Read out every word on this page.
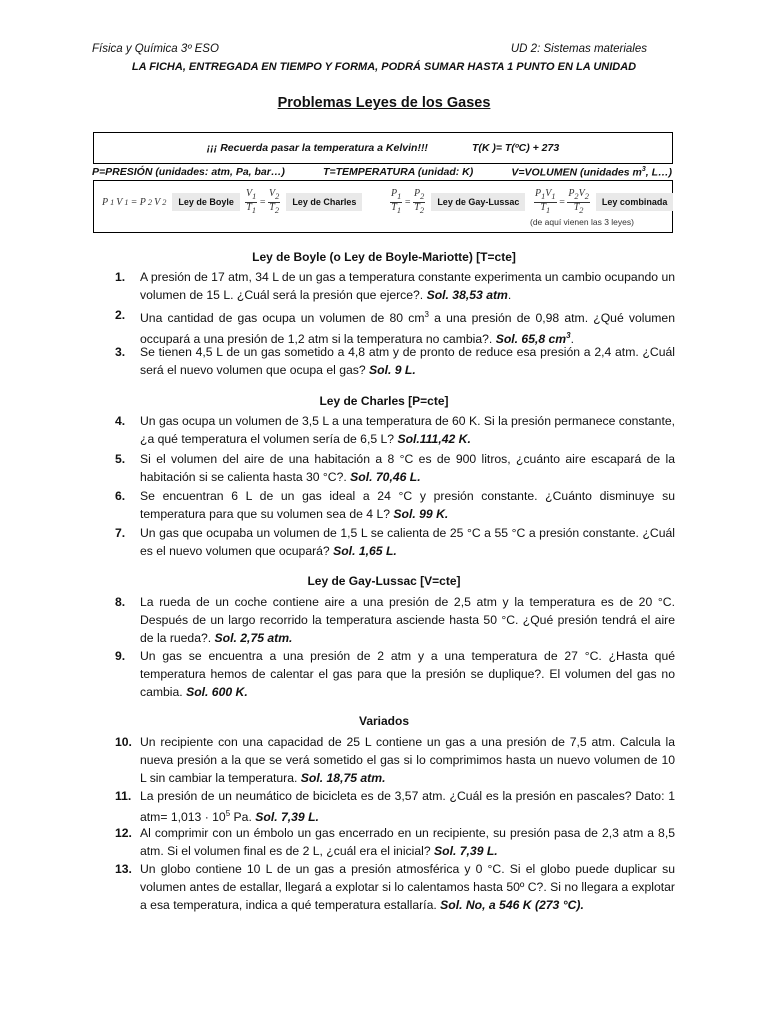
Física y Química 3º ESO	UD 2: Sistemas materiales
LA FICHA, ENTREGADA EN TIEMPO Y FORMA, PODRÁ SUMAR HASTA 1 PUNTO EN LA UNIDAD
Problemas Leyes de los Gases
¡¡¡ Recuerda pasar la temperatura a Kelvin!!!	T(K )= T(ºC) + 273
P=PRESIÓN (unidades: atm, Pa, bar…)	T=TEMPERATURA (unidad: K)	V=VOLUMEN (unidades $m^3$, L…)
P 1 V 1 = P 2 V 2	Ley de Boyle	$\frac{V_1}{T_1} = \frac{V_2}{T_2}$	Ley de Charles	$\frac{P_1}{T_1} = \frac{P_2}{T_2}$	Ley de Gay-Lussac	$\frac{P_1V_1}{T_1} = \frac{P_2V_2}{T_2}$	Ley combinada
(de aquí vienen las 3 leyes)
Ley de Boyle (o Ley de Boyle-Mariotte) [T=cte]
1.	A presión de 17 atm, 34 L de un gas a temperatura constante experimenta un cambio ocupando un volumen de 15 L. ¿Cuál será la presión que ejerce?. Sol. 38,53 atm.
2.	Una cantidad de gas ocupa un volumen de 80 $cm^3$ a una presión de 0,98 atm. ¿Qué volumen occupará a una presión de 1,2 atm si la temperatura no cambia?. Sol. 65,8 $cm^3$.
3.	Se tienen 4,5 L de un gas sometido a 4,8 atm y de pronto de reduce esa presión a 2,4 atm. ¿Cuál será el nuevo volumen que ocupa el gas? Sol. 9 L.
Ley de Charles [P=cte]
4.	Un gas ocupa un volumen de 3,5 L a una temperatura de 60 K. Si la presión permanece constante, ¿a qué temperatura el volumen sería de 6,5 L? Sol.111,42 K.
5.	Si el volumen del aire de una habitación a 8 °C es de 900 litros, ¿cuánto aire escapará de la habitación si se calienta hasta 30 °C?. Sol. 70,46 L.
6.	Se encuentran 6 L de un gas ideal a 24 °C y presión constante. ¿Cuánto disminuye su temperatura para que su volumen sea de 4 L? Sol. 99 K.
7.	Un gas que ocupaba un volumen de 1,5 L se calienta de 25 °C a 55 °C a presión constante. ¿Cuál es el nuevo volumen que ocupará? Sol. 1,65 L.
Ley de Gay-Lussac [V=cte]
8.	La rueda de un coche contiene aire a una presión de 2,5 atm y la temperatura es de 20 °C. Después de un largo recorrido la temperatura asciende hasta 50 °C. ¿Qué presión tendrá el aire de la rueda?. Sol. 2,75 atm.
9.	Un gas se encuentra a una presión de 2 atm y a una temperatura de 27 °C. ¿Hasta qué temperatura hemos de calentar el gas para que la presión se duplique?. El volumen del gas no cambia. Sol. 600 K.
Variados
10. Un recipiente con una capacidad de 25 L contiene un gas a una presión de 7,5 atm. Calcula la nueva presión a la que se verá sometido el gas si lo comprimimos hasta un nuevo volumen de 10 L sin cambiar la temperatura. Sol. 18,75 atm.
11. La presión de un neumático de bicicleta es de 3,57 atm. ¿Cuál es la presión en pascales? Dato: 1 $atm= 1,013 \cdot 10^5$ Pa. Sol. 7,39 L.
12. Al comprimir con un émbolo un gas encerrado en un recipiente, su presión pasa de 2,3 atm a 8,5 atm. Si el volumen final es de 2 L, ¿cuál era el inicial? Sol. 7,39 L.
13. Un globo contiene 10 L de un gas a presión atmosférica y 0 °C. Si el globo puede duplicar su volumen antes de estallar, llegará a explotar si lo calentamos hasta 50º C?. Si no llegara a explotar a esa temperatura, indica a qué temperatura estallaría. Sol. No, a 546 K (273 °C).
